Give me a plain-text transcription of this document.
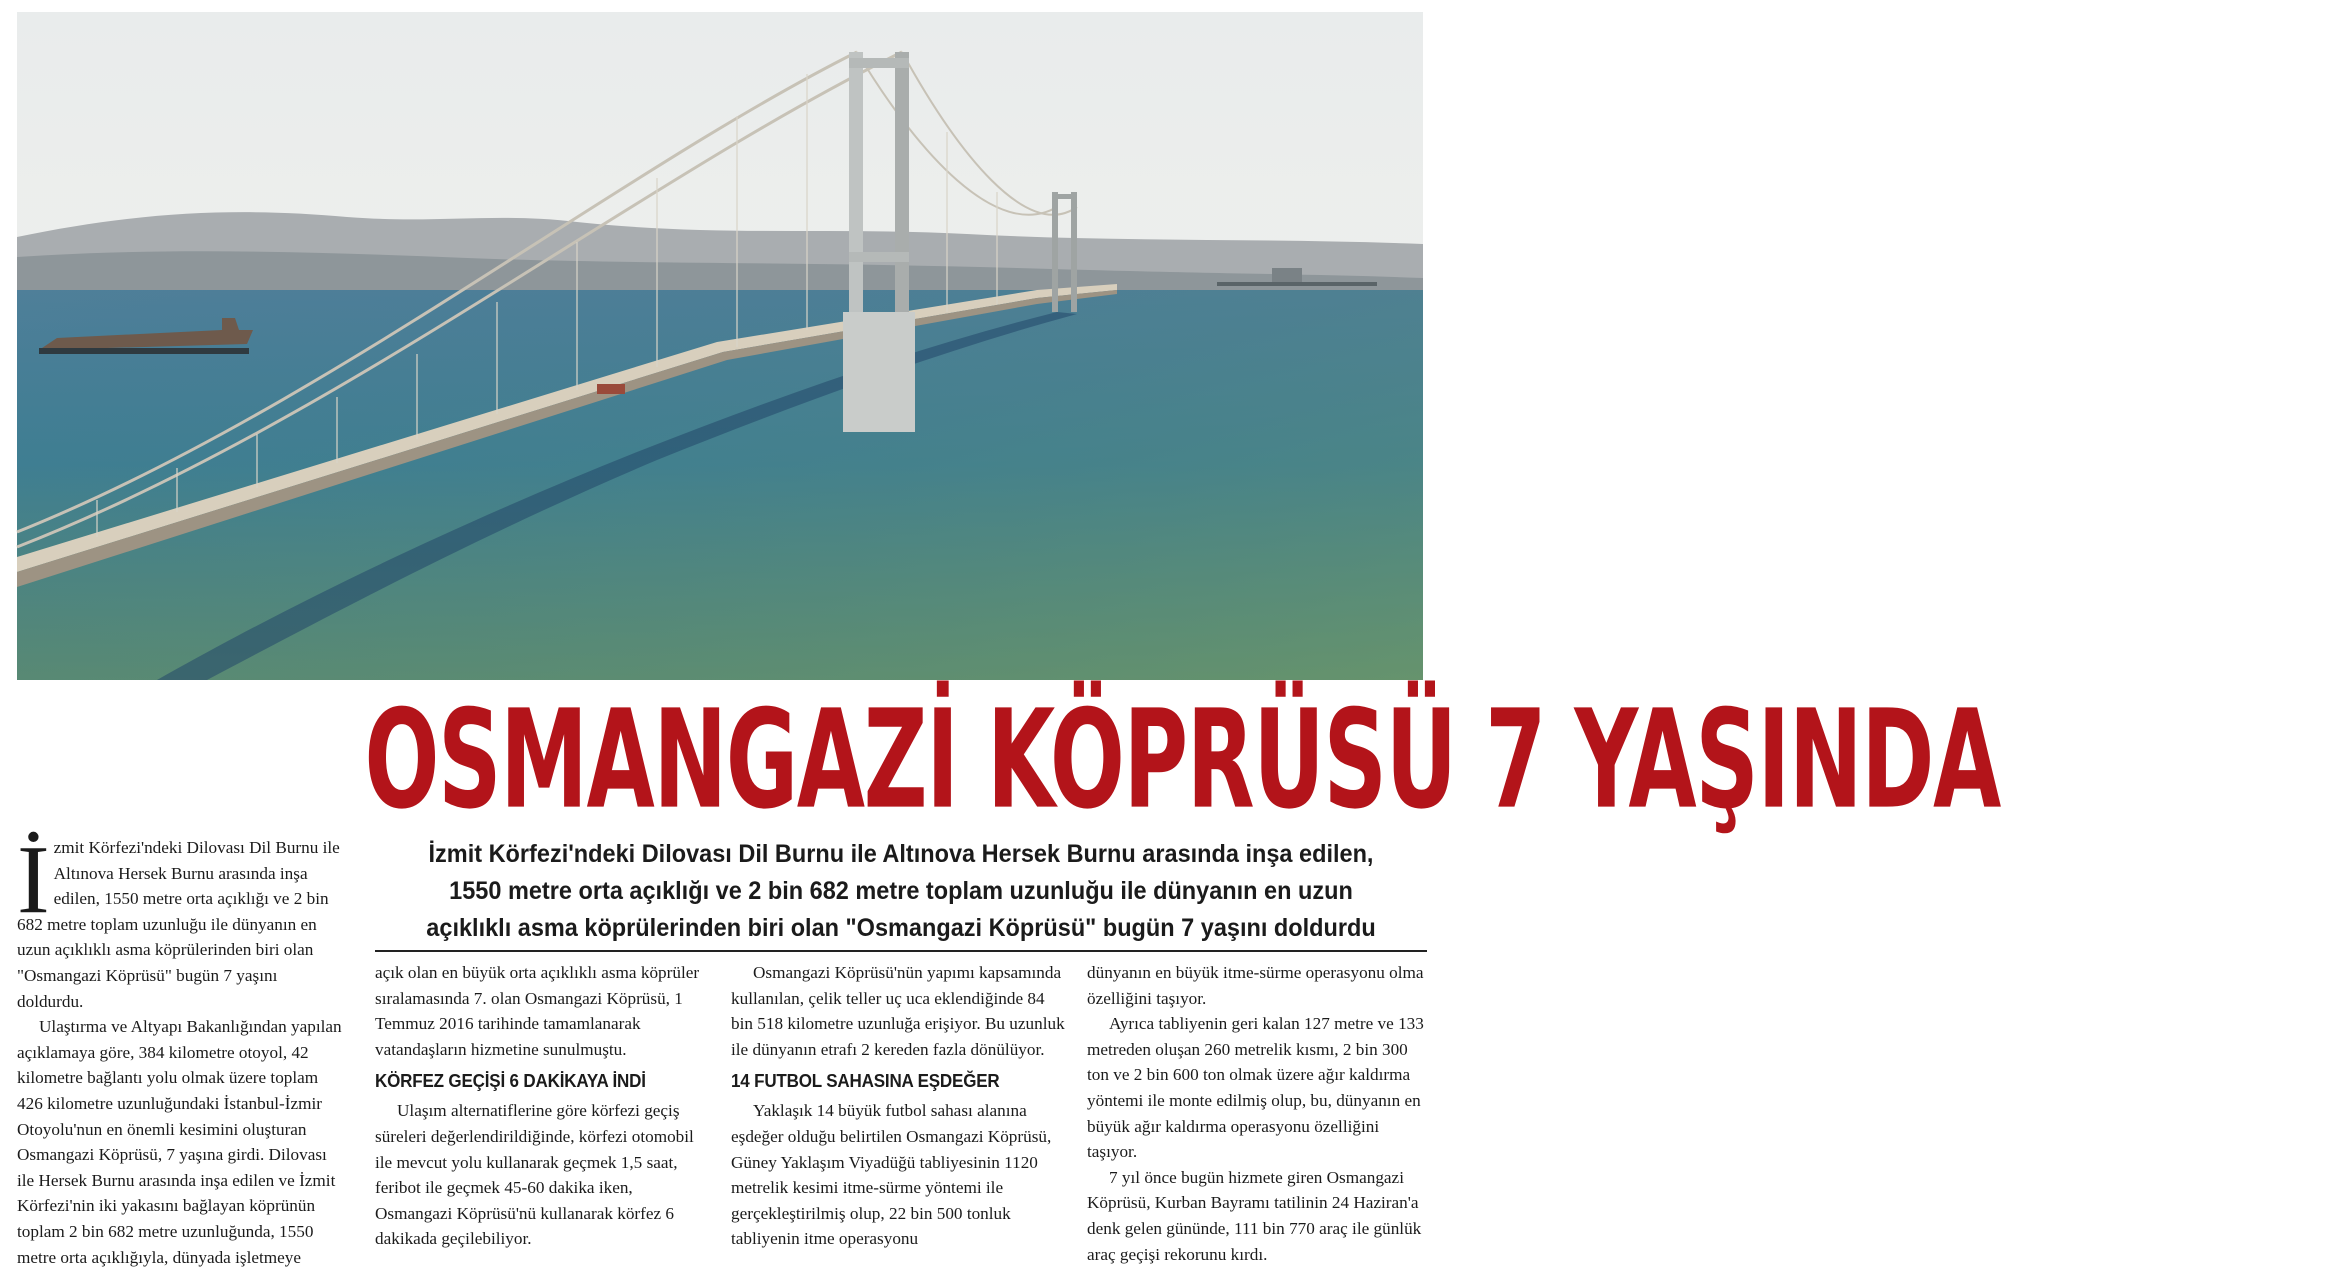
OSMANGAZİ KÖPRÜSÜ 7 YAŞINDA
İzmit Körfezi'ndeki Dilovası Dil Burnu ile Altınova Hersek Burnu arasında inşa edilen, 1550 metre orta açıklığı ve 2 bin 682 metre toplam uzunluğu ile dünyanın en uzun açıklıklı asma köprülerinden biri olan "Osmangazi Köprüsü" bugün 7 yaşını doldurdu

İzmit Körfezi'ndeki Dilovası Dil Burnu ile Altınova Hersek Burnu arasında inşa edilen, 1550 metre orta açıklığı ve 2 bin 682 metre toplam uzunluğu ile dünyanın en uzun açıklıklı asma köprülerinden biri olan "Osmangazi Köprüsü" bugün 7 yaşını doldurdu.

Ulaştırma ve Altyapı Bakanlığından yapılan açıklamaya göre, 384 kilometre otoyol, 42 kilometre bağlantı yolu olmak üzere toplam 426 kilometre uzunluğundaki İstanbul-İzmir Otoyolu'nun en önemli kesimini oluşturan Osmangazi Köprüsü, 7 yaşına girdi. Dilovası ile Hersek Burnu arasında inşa edilen ve İzmit Körfezi'nin iki yakasını bağlayan köprünün toplam 2 bin 682 metre uzunluğunda, 1550 metre orta açıklığıyla, dünyada işletmeye

açık olan en büyük orta açıklıklı asma köprüler sıralamasında 7. olan Osmangazi Köprüsü, 1 Temmuz 2016 tarihinde tamamlanarak vatandaşların hizmetine sunulmuştu.

KÖRFEZ GEÇİŞİ 6 DAKİKAYA İNDİ

Ulaşım alternatiflerine göre körfezi geçiş süreleri değerlendirildiğinde, körfezi otomobil ile mevcut yolu kullanarak geçmek 1,5 saat, feribot ile geçmek 45-60 dakika iken, Osmangazi Köprüsü'nü kullanarak körfez 6 dakikada geçilebiliyor.

Osmangazi Köprüsü'nün yapımı kapsamında kullanılan, çelik teller uç uca eklendiğinde 84 bin 518 kilometre uzunluğa erişiyor. Bu uzunluk ile dünyanın etrafı 2 kereden fazla dönülüyor.

14 FUTBOL SAHASINA EŞDEĞER

Yaklaşık 14 büyük futbol sahası alanına eşdeğer olduğu belirtilen Osmangazi Köprüsü, Güney Yaklaşım Viyadüğü tabliyesinin 1120 metrelik kesimi itme-sürme yöntemi ile gerçekleştirilmiş olup, 22 bin 500 tonluk tabliyenin itme operasyonu

dünyanın en büyük itme-sürme operasyonu olma özelliğini taşıyor.

Ayrıca tabliyenin geri kalan 127 metre ve 133 metreden oluşan 260 metrelik kısmı, 2 bin 300 ton ve 2 bin 600 ton olmak üzere ağır kaldırma yöntemi ile monte edilmiş olup, bu, dünyanın en büyük ağır kaldırma operasyonu özelliğini taşıyor.

7 yıl önce bugün hizmete giren Osmangazi Köprüsü, Kurban Bayramı tatilinin 24 Haziran'a denk gelen gününde, 111 bin 770 araç ile günlük araç geçişi rekorunu kırdı.
